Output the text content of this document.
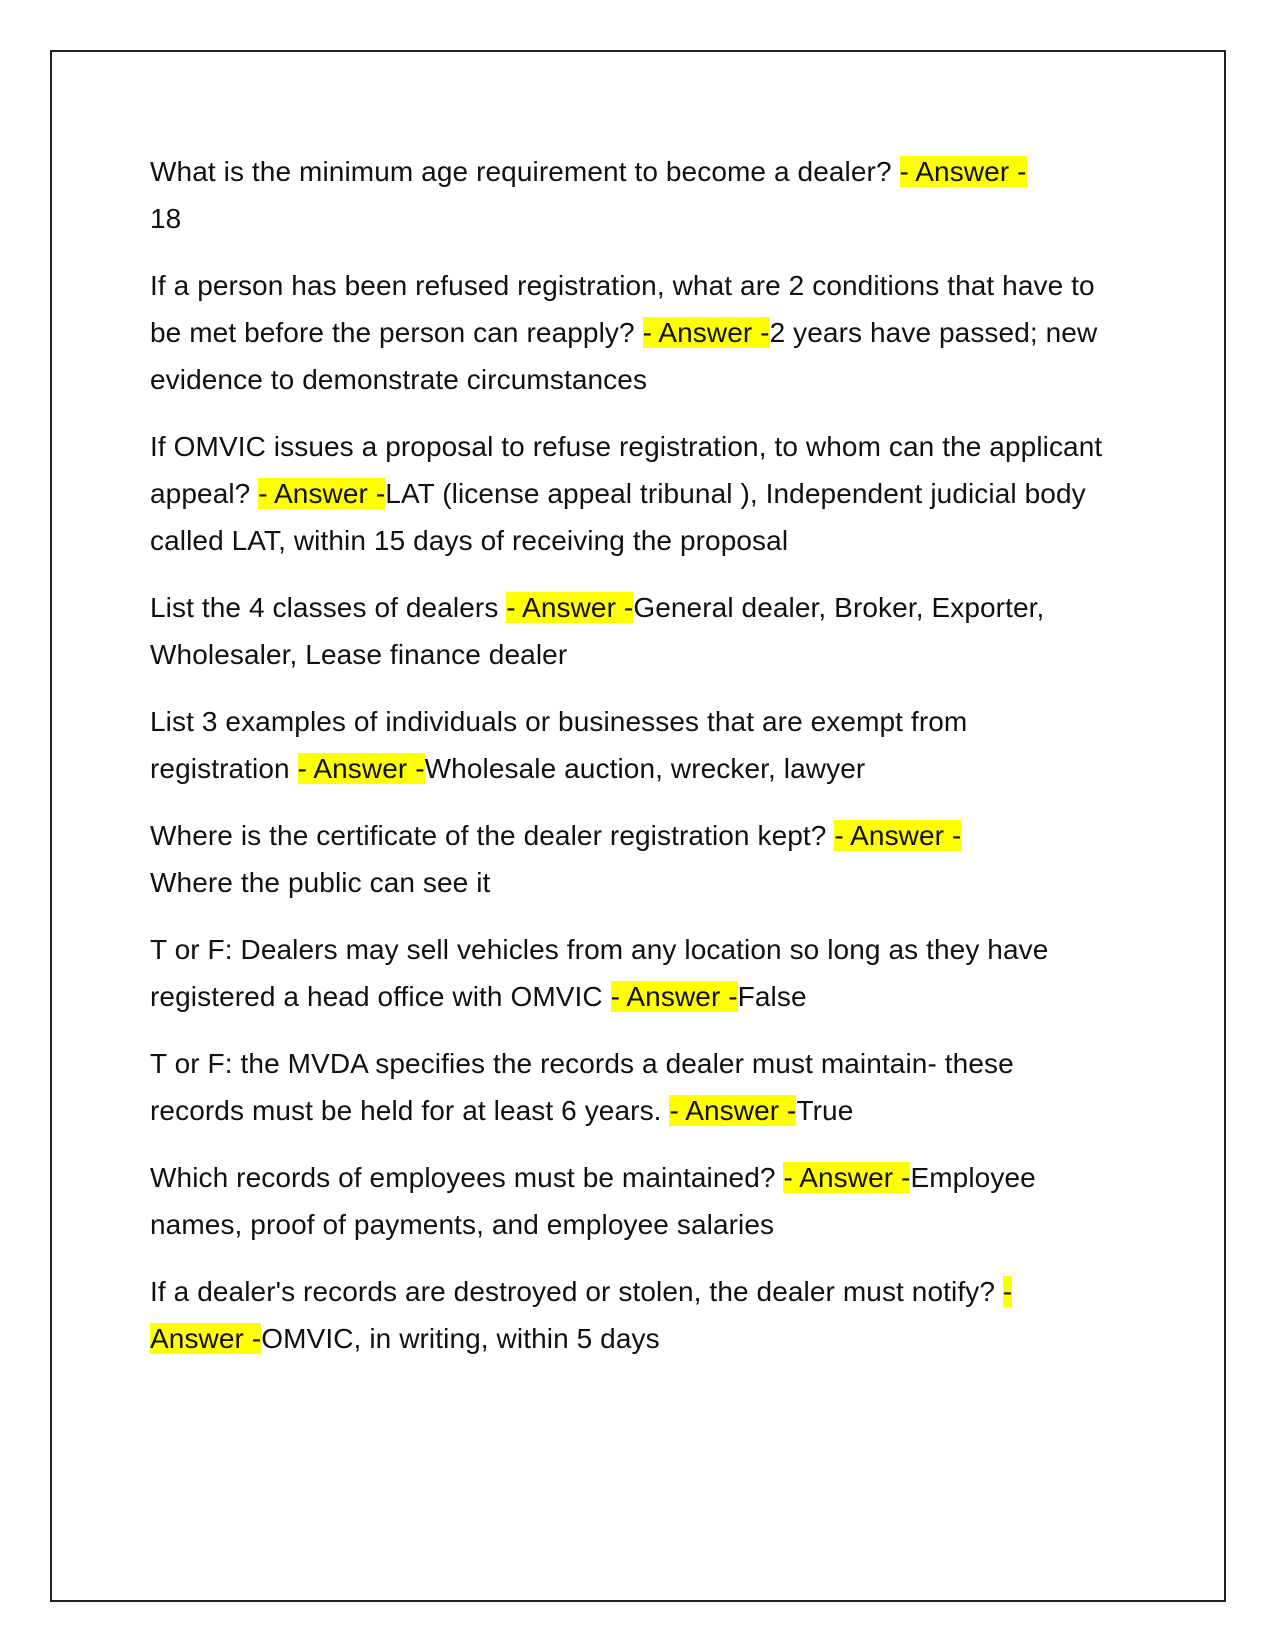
What is the minimum age requirement to become a dealer? - Answer -
18

If a person has been refused registration, what are 2 conditions that have to be met before the person can reapply? - Answer -2 years have passed; new evidence to demonstrate circumstances

If OMVIC issues a proposal to refuse registration, to whom can the applicant appeal? - Answer -LAT (license appeal tribunal ), Independent judicial body called LAT, within 15 days of receiving the proposal

List the 4 classes of dealers - Answer -General dealer, Broker, Exporter, Wholesaler, Lease finance dealer

List 3 examples of individuals or businesses that are exempt from registration - Answer -Wholesale auction, wrecker, lawyer

Where is the certificate of the dealer registration kept? - Answer -
Where the public can see it

T or F: Dealers may sell vehicles from any location so long as they have registered a head office with OMVIC - Answer -False

T or F: the MVDA specifies the records a dealer must maintain- these records must be held for at least 6 years. - Answer -True

Which records of employees must be maintained? - Answer -Employee names, proof of payments, and employee salaries

If a dealer's records are destroyed or stolen, the dealer must notify? - Answer -OMVIC, in writing, within 5 days
